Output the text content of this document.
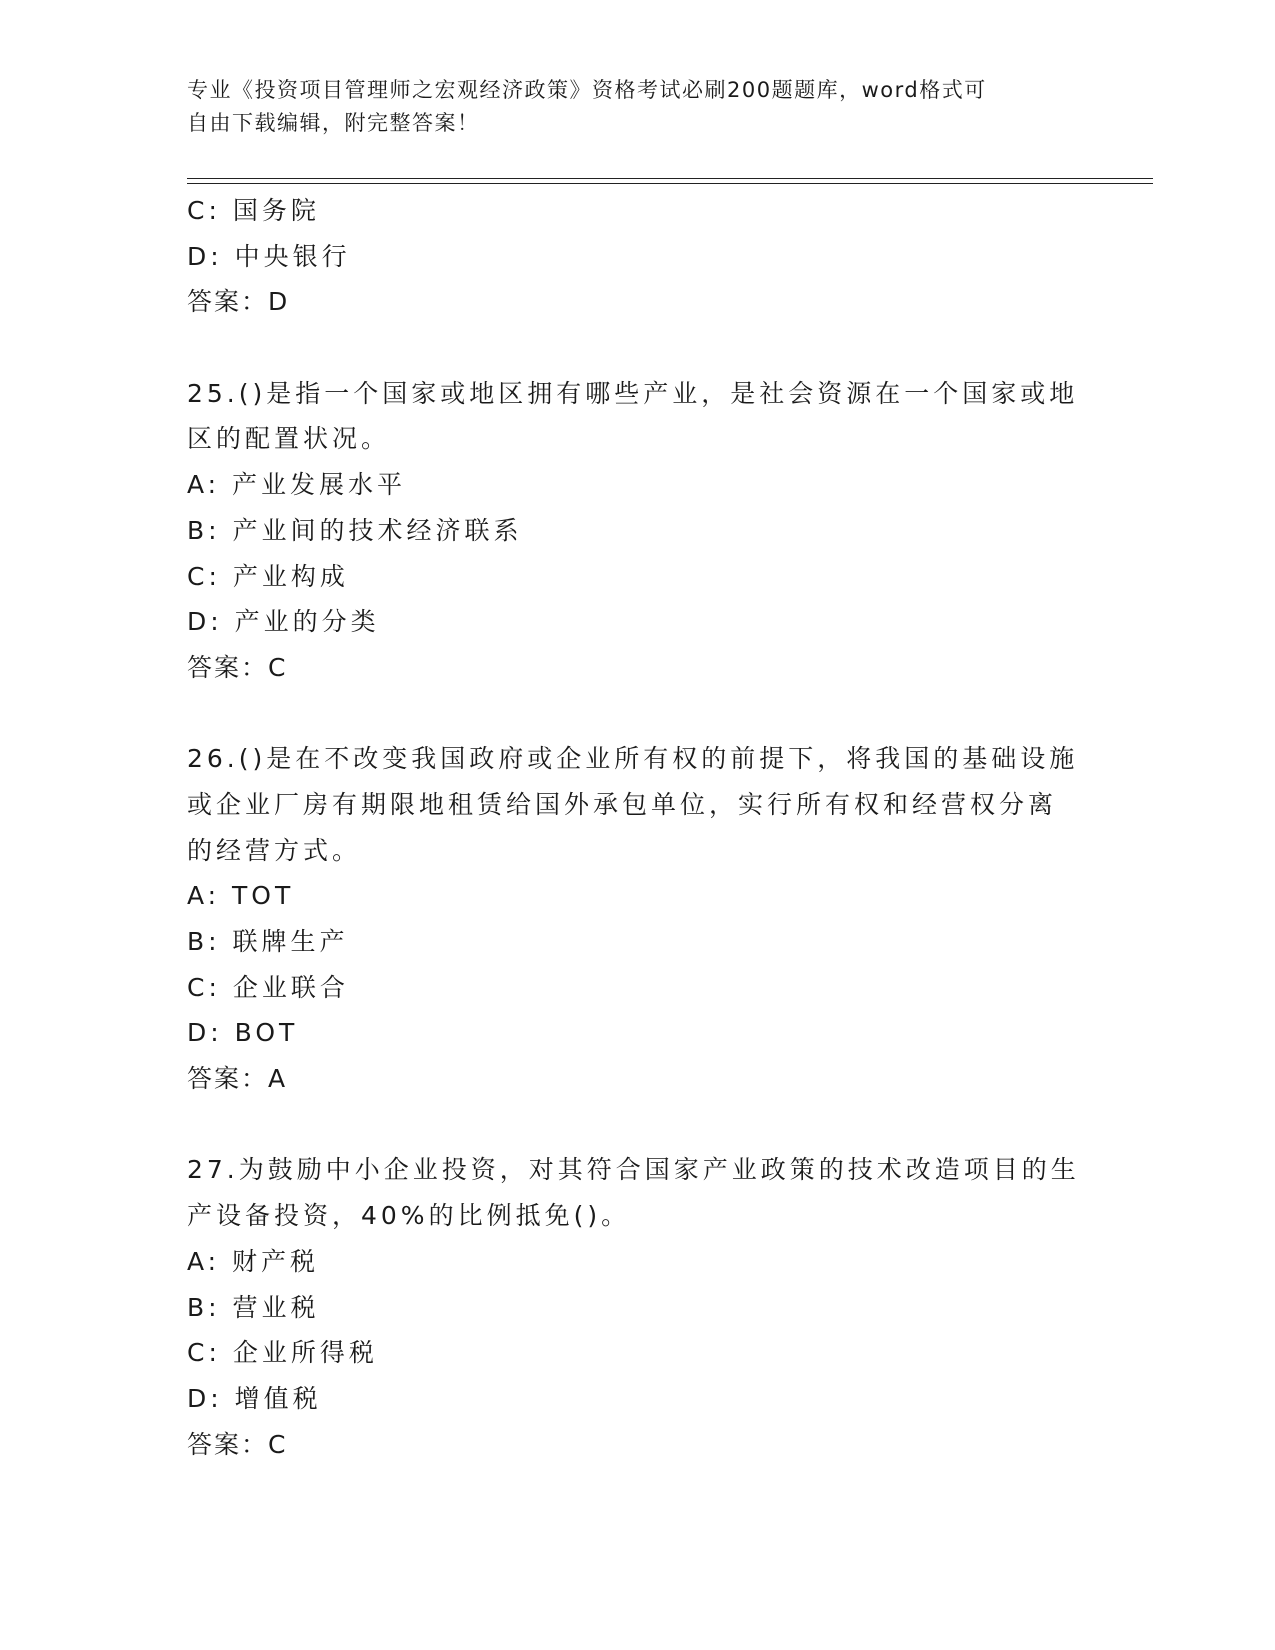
专业《投资项目管理师之宏观经济政策》资格考试必刷200题题库，word格式可
自由下载编辑，附完整答案！
C: 国务院
D: 中央银行
答案：D
25.()是指一个国家或地区拥有哪些产业，是社会资源在一个国家或地
区的配置状况。
A: 产业发展水平
B: 产业间的技术经济联系
C: 产业构成
D: 产业的分类
答案：C
26.()是在不改变我国政府或企业所有权的前提下，将我国的基础设施
或企业厂房有期限地租赁给国外承包单位，实行所有权和经营权分离
的经营方式。
A: TOT
B: 联牌生产
C: 企业联合
D: BOT
答案：A
27.为鼓励中小企业投资，对其符合国家产业政策的技术改造项目的生
产设备投资，40%的比例抵免()。
A: 财产税
B: 营业税
C: 企业所得税
D: 增值税
答案：C
